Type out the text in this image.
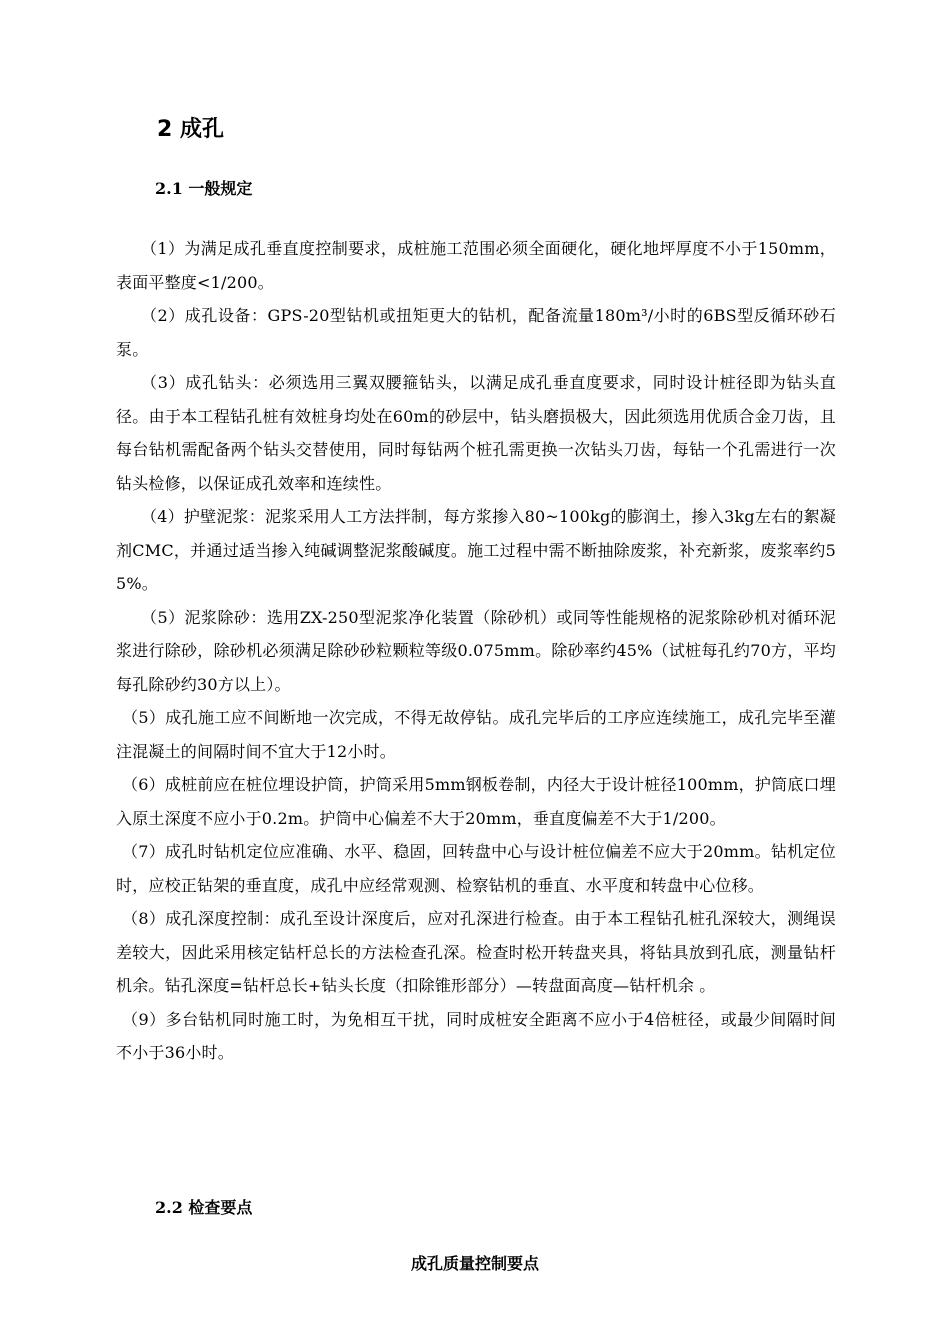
2 成孔
2.1 一般规定

（1）为满足成孔垂直度控制要求，成桩施工范围必须全面硬化，硬化地坪厚度不小于150mm，表面平整度<1/200。

（2）成孔设备：GPS-20型钻机或扭矩更大的钻机，配备流量180m³/小时的6BS型反循环砂石泵。

（3）成孔钻头：必须选用三翼双腰箍钻头，以满足成孔垂直度要求，同时设计桩径即为钻头直径。由于本工程钻孔桩有效桩身均处在60m的砂层中，钻头磨损极大，因此须选用优质合金刀齿，且每台钻机需配备两个钻头交替使用，同时每钻两个桩孔需更换一次钻头刀齿，每钻一个孔需进行一次钻头检修，以保证成孔效率和连续性。

（4）护壁泥浆：泥浆采用人工方法拌制，每方浆掺入80~100kg的膨润土，掺入3kg左右的絮凝剂CMC，并通过适当掺入纯碱调整泥浆酸碱度。施工过程中需不断抽除废浆，补充新浆，废浆率约55%。

（5）泥浆除砂：选用ZX-250型泥浆净化装置（除砂机）或同等性能规格的泥浆除砂机对循环泥浆进行除砂，除砂机必须满足除砂砂粒颗粒等级0.075mm。除砂率约45%（试桩每孔约70方，平均每孔除砂约30方以上）。

（5）成孔施工应不间断地一次完成，不得无故停钻。成孔完毕后的工序应连续施工，成孔完毕至灌注混凝土的间隔时间不宜大于12小时。

（6）成桩前应在桩位埋设护筒，护筒采用5mm钢板卷制，内径大于设计桩径100mm，护筒底口埋入原土深度不应小于0.2m。护筒中心偏差不大于20mm，垂直度偏差不大于1/200。

（7）成孔时钻机定位应准确、水平、稳固，回转盘中心与设计桩位偏差不应大于20mm。钻机定位时，应校正钻架的垂直度，成孔中应经常观测、检察钻机的垂直、水平度和转盘中心位移。

（8）成孔深度控制：成孔至设计深度后，应对孔深进行检查。由于本工程钻孔桩孔深较大，测绳误差较大，因此采用核定钻杆总长的方法检查孔深。检查时松开转盘夹具，将钻具放到孔底，测量钻杆机余。钻孔深度=钻杆总长+钻头长度（扣除锥形部分）—转盘面高度—钻杆机余 。

（9）多台钻机同时施工时，为免相互干扰，同时成桩安全距离不应小于4倍桩径，或最少间隔时间不小于36小时。

2.2 检查要点

成孔质量控制要点
